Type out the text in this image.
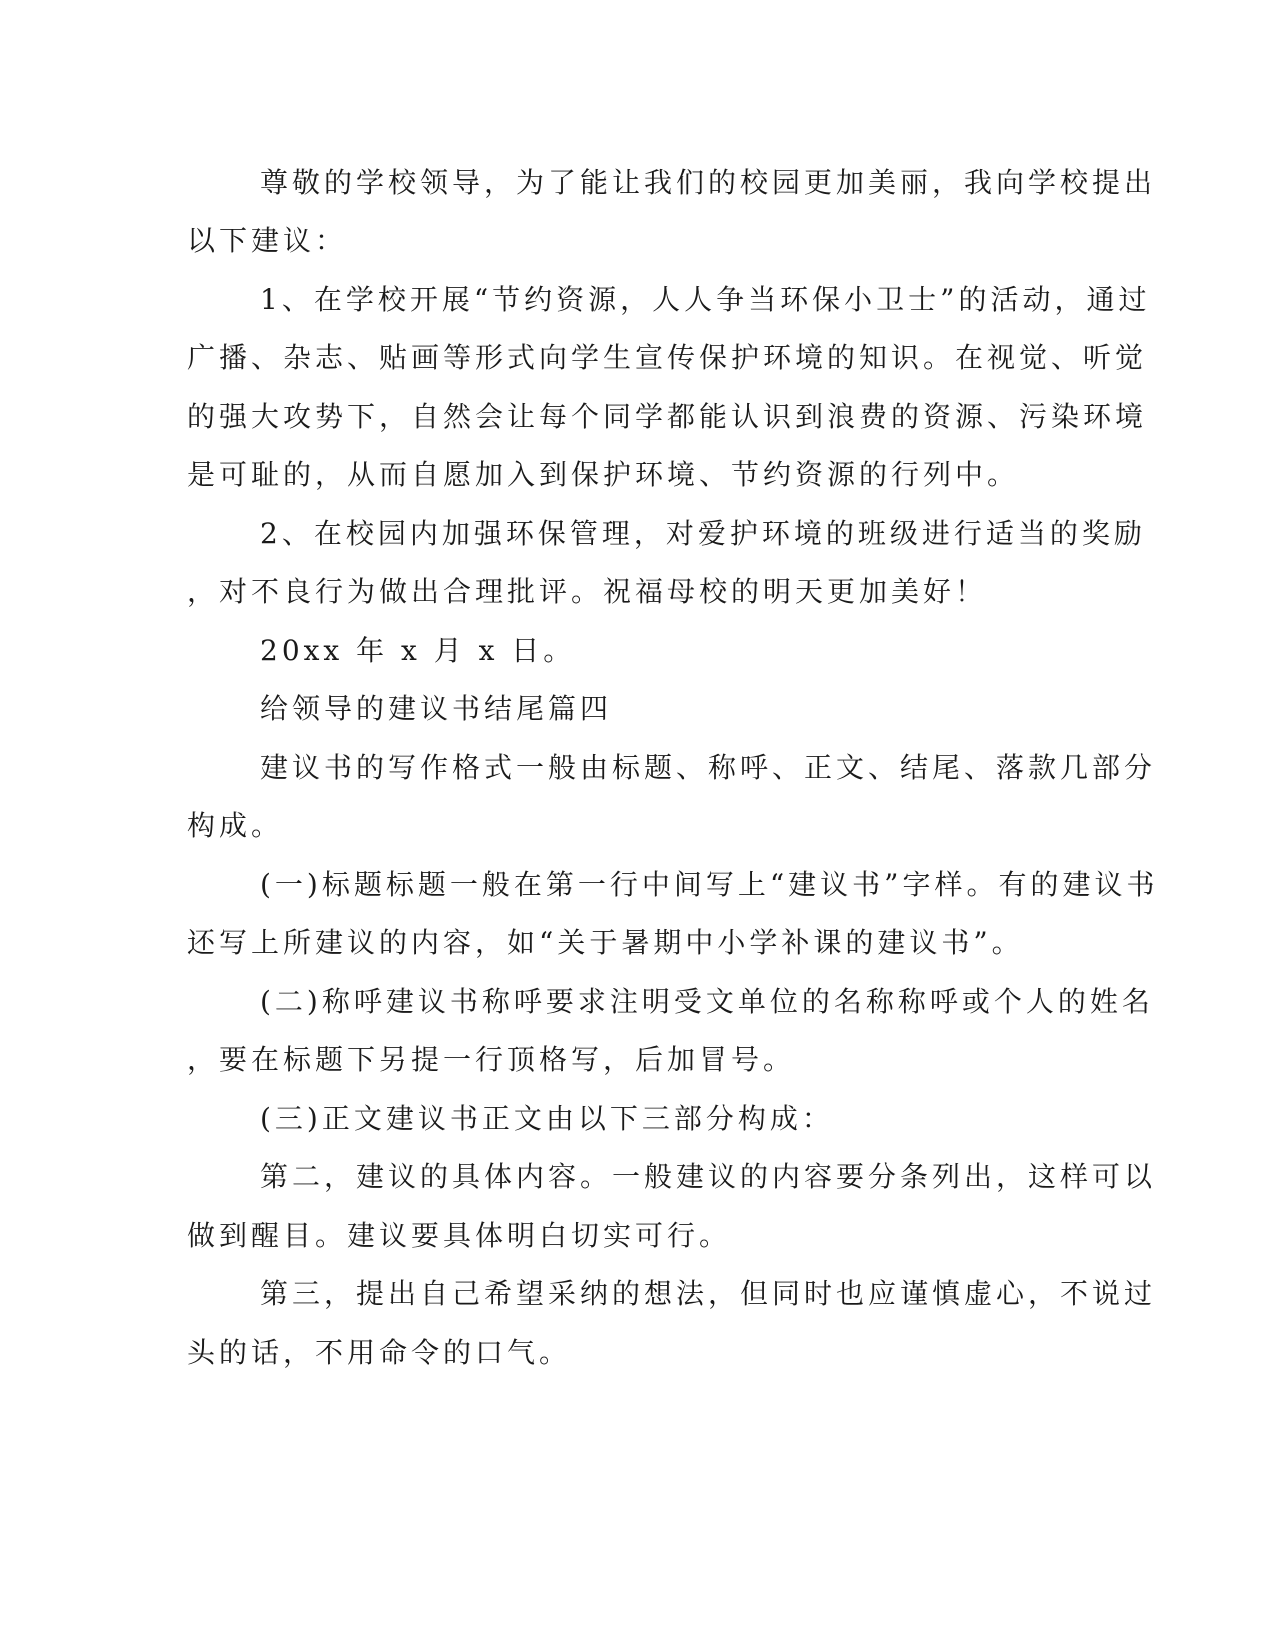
尊敬的学校领导，为了能让我们的校园更加美丽，我向学校提出
以下建议：
1、在学校开展“节约资源，人人争当环保小卫士”的活动，通过
广播、杂志、贴画等形式向学生宣传保护环境的知识。在视觉、听觉
的强大攻势下，自然会让每个同学都能认识到浪费的资源、污染环境
是可耻的，从而自愿加入到保护环境、节约资源的行列中。
2、在校园内加强环保管理，对爱护环境的班级进行适当的奖励
，对不良行为做出合理批评。祝福母校的明天更加美好！
20xx 年 x 月 x 日。
给领导的建议书结尾篇四
建议书的写作格式一般由标题、称呼、正文、结尾、落款几部分
构成。
(一)标题标题一般在第一行中间写上“建议书”字样。有的建议书
还写上所建议的内容，如“关于暑期中小学补课的建议书”。
(二)称呼建议书称呼要求注明受文单位的名称称呼或个人的姓名
，要在标题下另提一行顶格写，后加冒号。
(三)正文建议书正文由以下三部分构成：
第二，建议的具体内容。一般建议的内容要分条列出，这样可以
做到醒目。建议要具体明白切实可行。
第三，提出自己希望采纳的想法，但同时也应谨慎虚心，不说过
头的话，不用命令的口气。
